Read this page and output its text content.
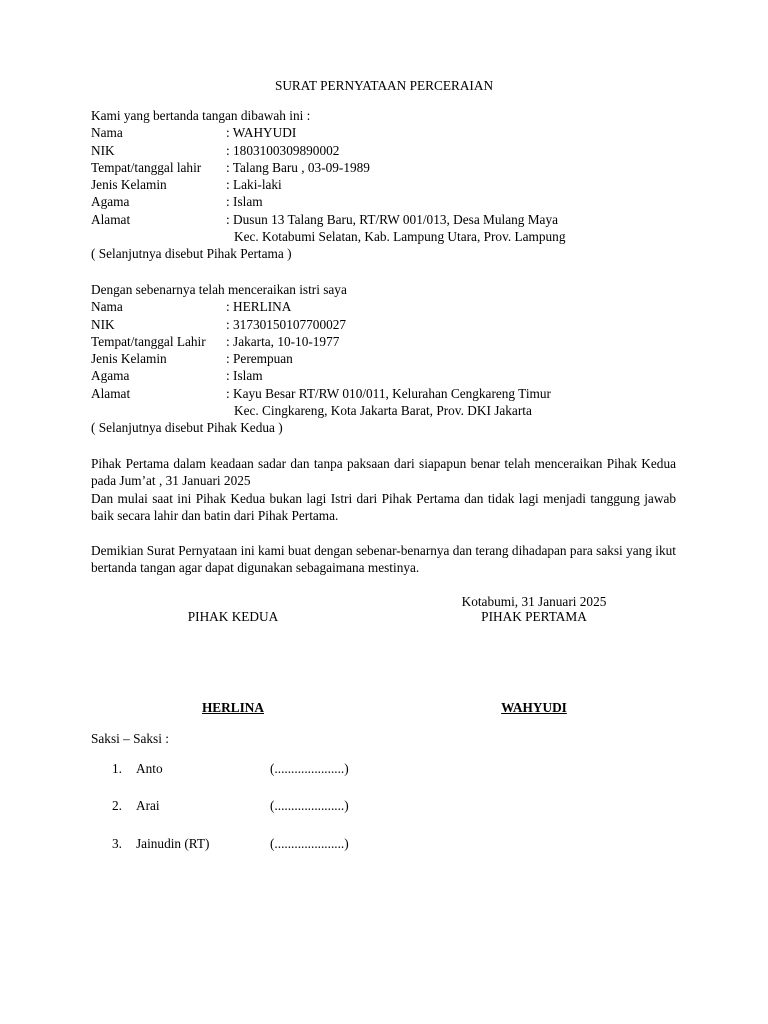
SURAT PERNYATAAN PERCERAIAN
Kami yang bertanda tangan dibawah ini :
Nama	: WAHYUDI
NIK	: 1803100309890002
Tempat/tanggal lahir	: Talang Baru , 03-09-1989
Jenis Kelamin	: Laki-laki
Agama	: Islam
Alamat	: Dusun 13 Talang Baru, RT/RW 001/013, Desa Mulang Maya
Kec. Kotabumi Selatan, Kab. Lampung Utara, Prov. Lampung
( Selanjutnya disebut Pihak Pertama )
Dengan sebenarnya telah menceraikan istri saya
Nama	: HERLINA
NIK	: 31730150107700027
Tempat/tanggal Lahir	: Jakarta, 10-10-1977
Jenis Kelamin	: Perempuan
Agama	: Islam
Alamat	: Kayu Besar RT/RW 010/011, Kelurahan Cengkareng Timur
Kec. Cingkareng, Kota Jakarta Barat, Prov. DKI Jakarta
( Selanjutnya disebut Pihak Kedua )
Pihak Pertama dalam keadaan sadar dan tanpa paksaan dari siapapun benar telah menceraikan Pihak Kedua pada Jum’at , 31 Januari 2025
Dan mulai saat ini Pihak Kedua bukan lagi Istri dari Pihak Pertama dan tidak lagi menjadi tanggung jawab baik secara lahir dan batin dari Pihak Pertama.
Demikian Surat Pernyataan ini kami buat dengan sebenar-benarnya dan terang dihadapan para saksi yang ikut bertanda tangan agar dapat digunakan sebagaimana mestinya.
Kotabumi, 31 Januari 2025
PIHAK KEDUA	PIHAK PERTAMA
HERLINA	WAHYUDI
Saksi – Saksi :
1.	Anto	(.....................)
2.	Arai	(.....................)
3.	Jainudin (RT)	(.....................)
